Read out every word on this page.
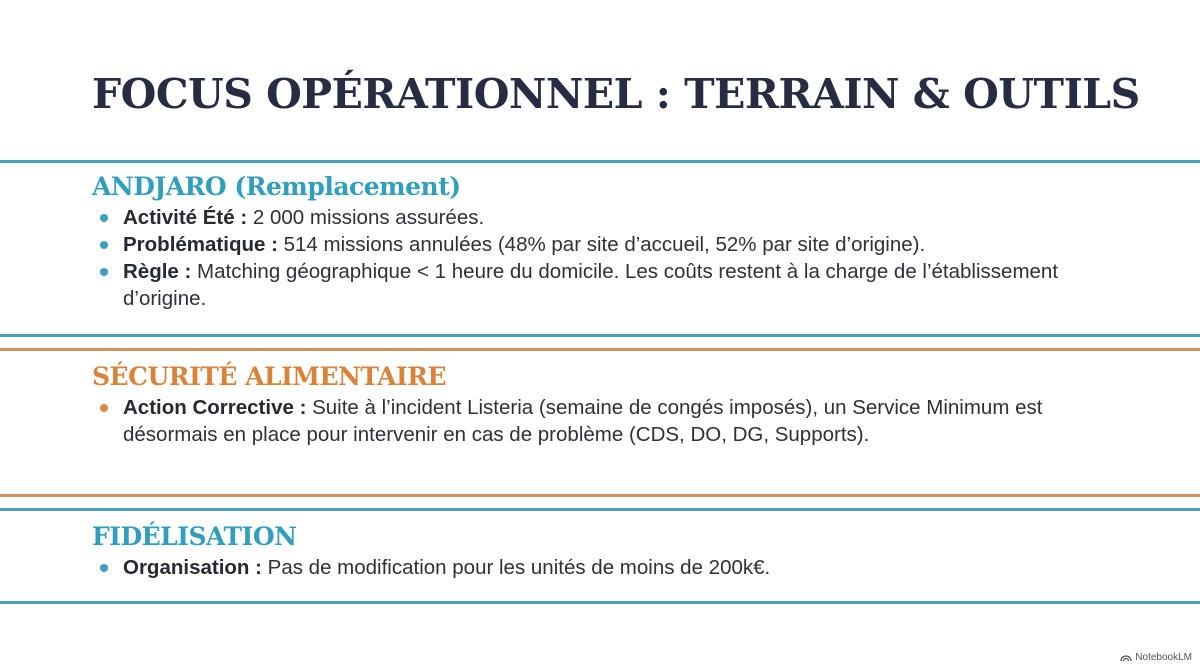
FOCUS OPÉRATIONNEL : TERRAIN & OUTILS
ANDJARO (Remplacement)
Activité Été : 2 000 missions assurées.
Problématique : 514 missions annulées (48% par site d’accueil, 52% par site d’origine).
Règle : Matching géographique < 1 heure du domicile. Les coûts restent à la charge de l’établissement d’origine.
SÉCURITÉ ALIMENTAIRE
Action Corrective : Suite à l’incident Listeria (semaine de congés imposés), un Service Minimum est désormais en place pour intervenir en cas de problème (CDS, DO, DG, Supports).
FIDÉLISATION
Organisation : Pas de modification pour les unités de moins de 200k€.
NotebookLM
